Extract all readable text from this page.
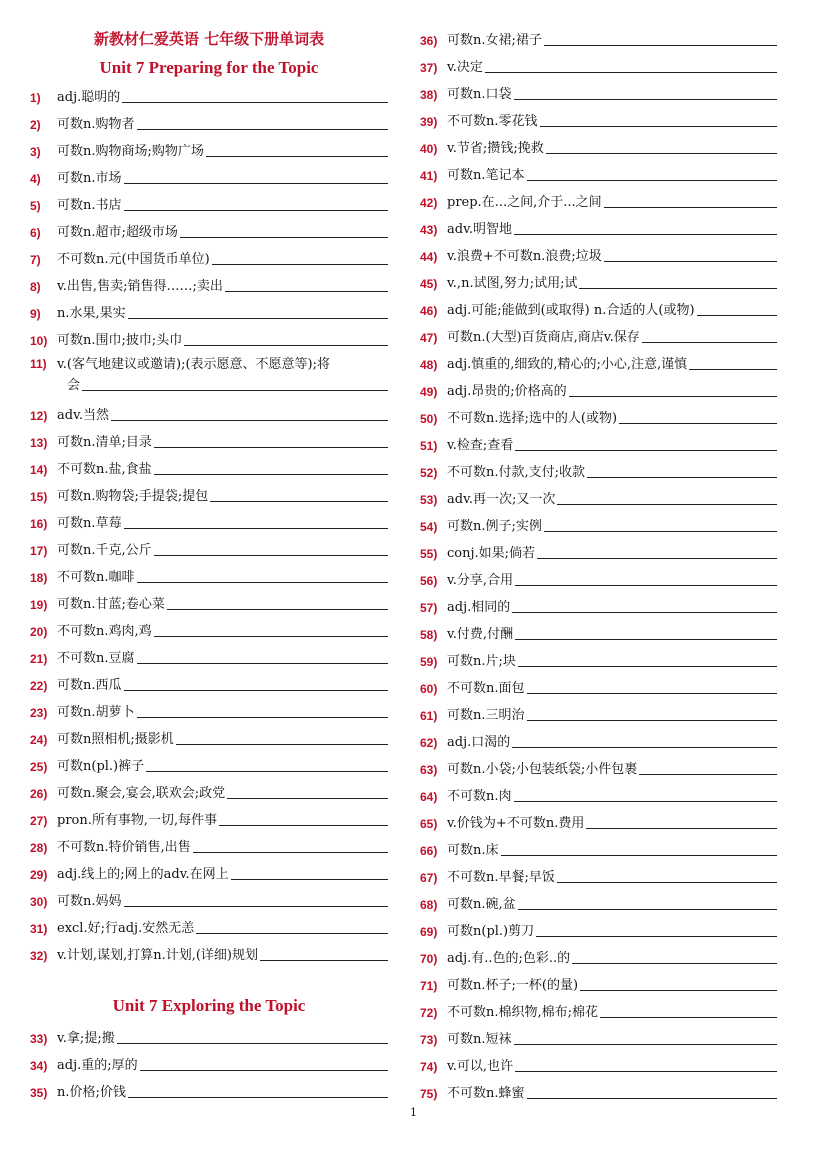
新教材仁爱英语 七年级下册单词表
Unit 7 Preparing for the Topic
1)	adj.聪明的
2)	可数n.购物者
3)	可数n.购物商场;购物广场
4)	可数n.市场
5)	可数n.书店
6)	可数n.超市;超级市场
7)	不可数n.元(中国货币单位)
8)	v.出售,售卖;销售得……;卖出
9)	n.水果,果实
10) 可数n.围巾;披巾;头巾
11) v.(客气地建议或邀请);(表示愿意、不愿意等);将
会
12) adv.当然
13) 可数n.清单;目录
14) 不可数n.盐,食盐
15) 可数n.购物袋;手提袋;提包
16) 可数n.草莓
17) 可数n.千克,公斤
18) 不可数n.咖啡
19) 可数n.甘蓝;卷心菜
20) 不可数n.鸡肉,鸡
21) 不可数n.豆腐
22) 可数n.西瓜
23) 可数n.胡萝卜
24) 可数n照相机;摄影机
25) 可数n(pl.)裤子
26) 可数n.聚会,宴会,联欢会;政党
27) pron.所有事物,一切,每件事
28) 不可数n.特价销售,出售
29) adj.线上的;网上的adv.在网上
30) 可数n.妈妈
31) excl.好;行adj.安然无恙
32) v.计划,谋划,打算n.计划,(详细)规划
Unit 7 Exploring the Topic
33) v.拿;提;搬
34) adj.重的;厚的
35) n.价格;价钱
36) 可数n.女裙;裙子
37) v.决定
38) 可数n.口袋
39) 不可数n.零花钱
40) v.节省;攒钱;挽救
41) 可数n.笔记本
42) prep.在...之间,介于...之间
43) adv.明智地
44) v.浪费+不可数n.浪费;垃圾
45) v.,n.试图,努力;试用;试
46) adj.可能;能做到(或取得) n.合适的人(或物)
47) 可数n.(大型)百货商店,商店v.保存
48) adj.慎重的,细致的,精心的;小心,注意,谨慎
49) adj.昂贵的;价格高的
50) 不可数n.选择;选中的人(或物)
51) v.检查;查看
52) 不可数n.付款,支付;收款
53) adv.再一次;又一次
54) 可数n.例子;实例
55) conj.如果;倘若
56) v.分享,合用
57) adj.相同的
58) v.付费,付酬
59) 可数n.片;块
60) 不可数n.面包
61) 可数n.三明治
62) adj.口渴的
63) 可数n.小袋;小包装纸袋;小件包裹
64) 不可数n.肉
65) v.价钱为+不可数n.费用
66) 可数n.床
67) 不可数n.早餐;早饭
68) 可数n.碗,盆
69) 可数n(pl.)剪刀
70) adj.有..色的;色彩..的
71) 可数n.杯子;一杯(的量)
72) 不可数n.棉织物,棉布;棉花
73) 可数n.短袜
74) v.可以,也许
75) 不可数n.蜂蜜
1
